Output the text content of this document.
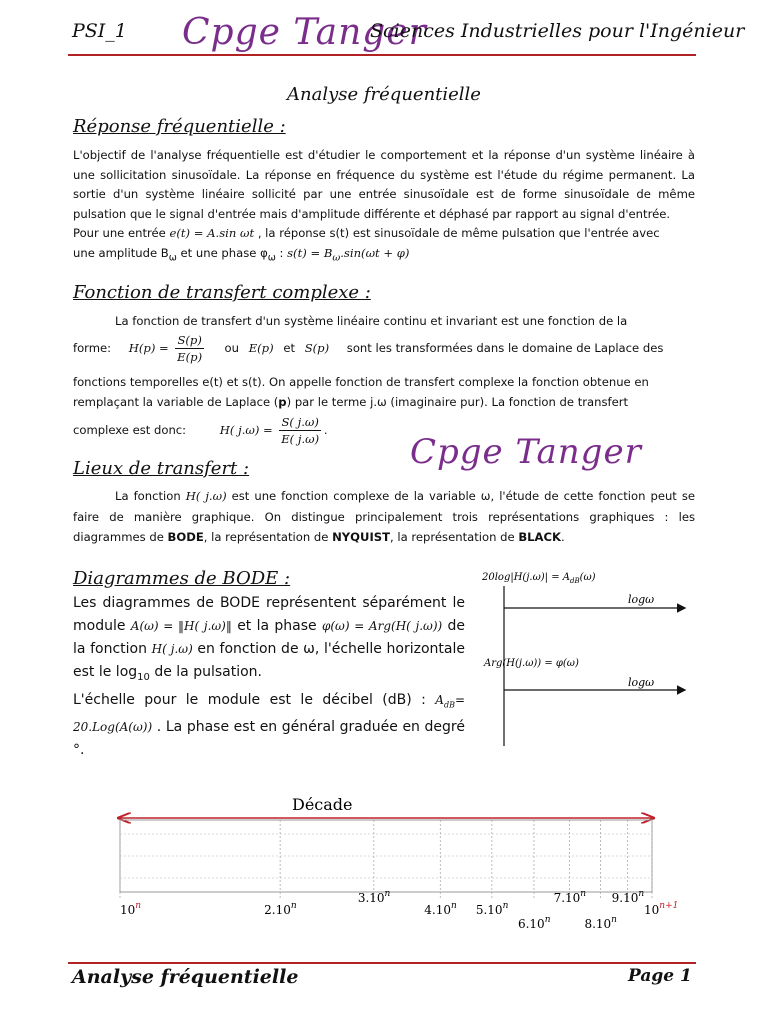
PSI_1 Cpge Tanger
Sciences Industrielles pour l'Ingénieur
Analyse fréquentielle
Réponse fréquentielle :
L'objectif de l'analyse fréquentielle est d'étudier le comportement et la réponse d'un système linéaire à une sollicitation sinusoïdale. La réponse en fréquence du système est l'étude du régime permanent. La sortie d'un système linéaire sollicité par une entrée sinusoïdale est de forme sinusoïdale de même pulsation que le signal d'entrée mais d'amplitude différente et déphasé par rapport au signal d'entrée.
Pour une entrée e(t) = A.sin ωt , la réponse s(t) est sinusoïdale de même pulsation que l'entrée avec
une amplitude $B_\omega$ et une phase $\varphi_\omega$ : $s(t) = B_\omega.\sin(\omega t + \varphi)$
Fonction de transfert complexe :
La fonction de transfert d'un système linéaire continu et invariant est une fonction de la
forme: $H(p) = \frac{S(p)}{E(p)}$ ou E(p) et S(p) sont les transformées dans le domaine de Laplace des
fonctions temporelles e(t) et s(t). On appelle fonction de transfert complexe la fonction obtenue en
remplaçant la variable de Laplace (p) par le terme j.ω (imaginaire pur). La fonction de transfert
complexe est donc:	H( $j.\omega) = \frac{S( j.\omega)}{E( j.\omega)}$ .
Cpge Tanger
Lieux de transfert :
La fonction H( j.ω) est une fonction complexe de la variable ω, l'étude de cette fonction peut se faire de manière graphique. On distingue principalement trois représentations graphiques : les diagrammes de BODE, la représentation de NYQUIST, la représentation de BLACK.
Diagrammes de BODE :
Les diagrammes de BODE représentent séparément le module A(ω) = ‖H( j.ω)‖ et la phase φ(ω) = Arg(H( j.ω)) de la fonction H( j.ω) en fonction de ω, l'échelle horizontale est le $\log_{10}$ de la pulsation.
L'échelle pour le module est le décibel (dB) : $A_{dB}= 20.Log(A(\omega))$ . La phase est en général graduée en degré °.
$20\log|H(j.\omega)| = A_{dB}(\omega)$
logω
Arg(H(j.ω)) = φ(ω)
logω
Décade
10$^n$	2.10$^n$
3.10$^n$
4.10$^n$ 5.10$^n$
6.10$^n$
7.10$^n$
8.10$^n$
9.10$^n$
$10^{n+1}$
Analyse fréquentielle	Page 1
